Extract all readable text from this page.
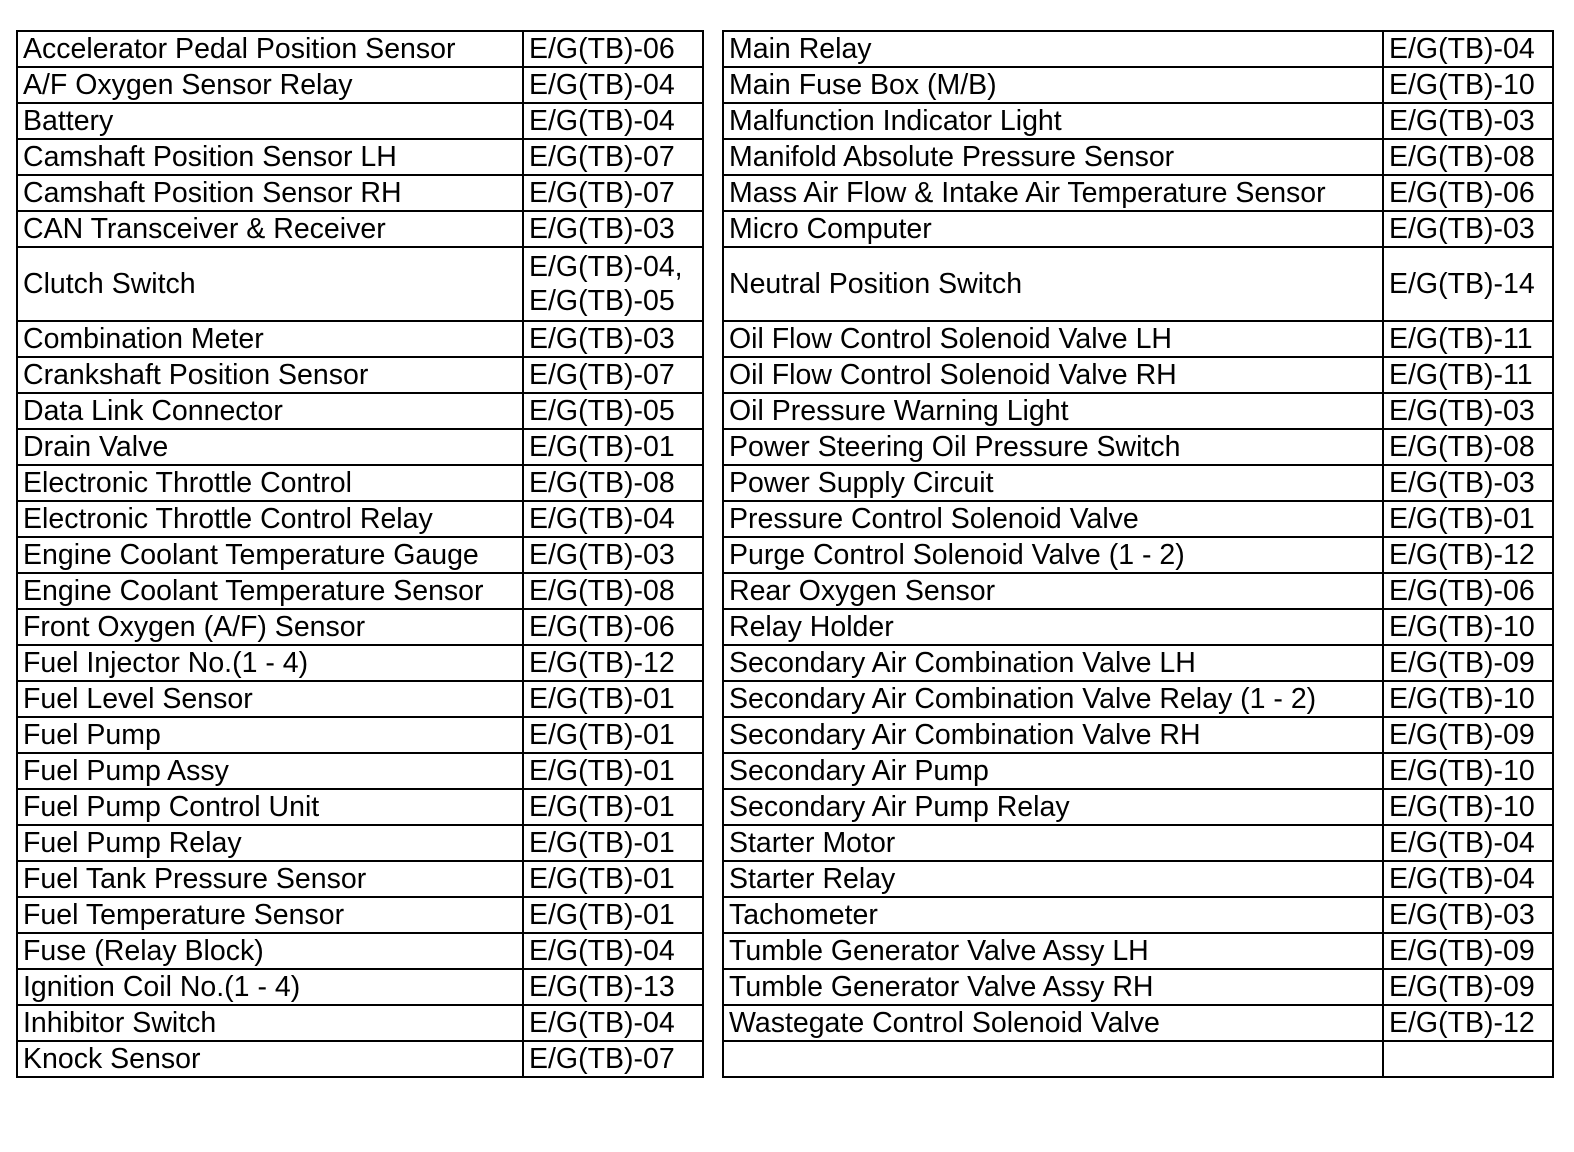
Accelerator Pedal Position Sensor	E/G(TB)-06

A/F Oxygen Sensor Relay	E/G(TB)-04

Battery	E/G(TB)-04

Camshaft Position Sensor LH	E/G(TB)-07

Camshaft Position Sensor RH	E/G(TB)-07

CAN Transceiver & Receiver	E/G(TB)-03

Clutch Switch	E/G(TB)-04,
E/G(TB)-05

Combination Meter	E/G(TB)-03

Crankshaft Position Sensor	E/G(TB)-07

Data Link Connector	E/G(TB)-05

Drain Valve	E/G(TB)-01

Electronic Throttle Control	E/G(TB)-08

Electronic Throttle Control Relay	E/G(TB)-04

Engine Coolant Temperature Gauge	E/G(TB)-03

Engine Coolant Temperature Sensor	E/G(TB)-08

Front Oxygen (A/F) Sensor	E/G(TB)-06

Fuel Injector No.(1 - 4)	E/G(TB)-12

Fuel Level Sensor	E/G(TB)-01

Fuel Pump	E/G(TB)-01

Fuel Pump Assy	E/G(TB)-01

Fuel Pump Control Unit	E/G(TB)-01

Fuel Pump Relay	E/G(TB)-01

Fuel Tank Pressure Sensor	E/G(TB)-01

Fuel Temperature Sensor	E/G(TB)-01

Fuse (Relay Block)	E/G(TB)-04

Ignition Coil No.(1 - 4)	E/G(TB)-13

Inhibitor Switch	E/G(TB)-04

Knock Sensor	E/G(TB)-07
Main Relay	E/G(TB)-04

Main Fuse Box (M/B)	E/G(TB)-10

Malfunction Indicator Light	E/G(TB)-03

Manifold Absolute Pressure Sensor	E/G(TB)-08

Mass Air Flow & Intake Air Temperature Sensor	E/G(TB)-06

Micro Computer	E/G(TB)-03

Neutral Position Switch	E/G(TB)-14

Oil Flow Control Solenoid Valve LH	E/G(TB)-11

Oil Flow Control Solenoid Valve RH	E/G(TB)-11

Oil Pressure Warning Light	E/G(TB)-03

Power Steering Oil Pressure Switch	E/G(TB)-08

Power Supply Circuit	E/G(TB)-03

Pressure Control Solenoid Valve	E/G(TB)-01

Purge Control Solenoid Valve (1 - 2)	E/G(TB)-12

Rear Oxygen Sensor	E/G(TB)-06

Relay Holder	E/G(TB)-10

Secondary Air Combination Valve LH	E/G(TB)-09

Secondary Air Combination Valve Relay (1 - 2)	E/G(TB)-10

Secondary Air Combination Valve RH	E/G(TB)-09

Secondary Air Pump	E/G(TB)-10

Secondary Air Pump Relay	E/G(TB)-10

Starter Motor	E/G(TB)-04

Starter Relay	E/G(TB)-04

Tachometer	E/G(TB)-03

Tumble Generator Valve Assy LH	E/G(TB)-09

Tumble Generator Valve Assy RH	E/G(TB)-09

Wastegate Control Solenoid Valve	E/G(TB)-12
